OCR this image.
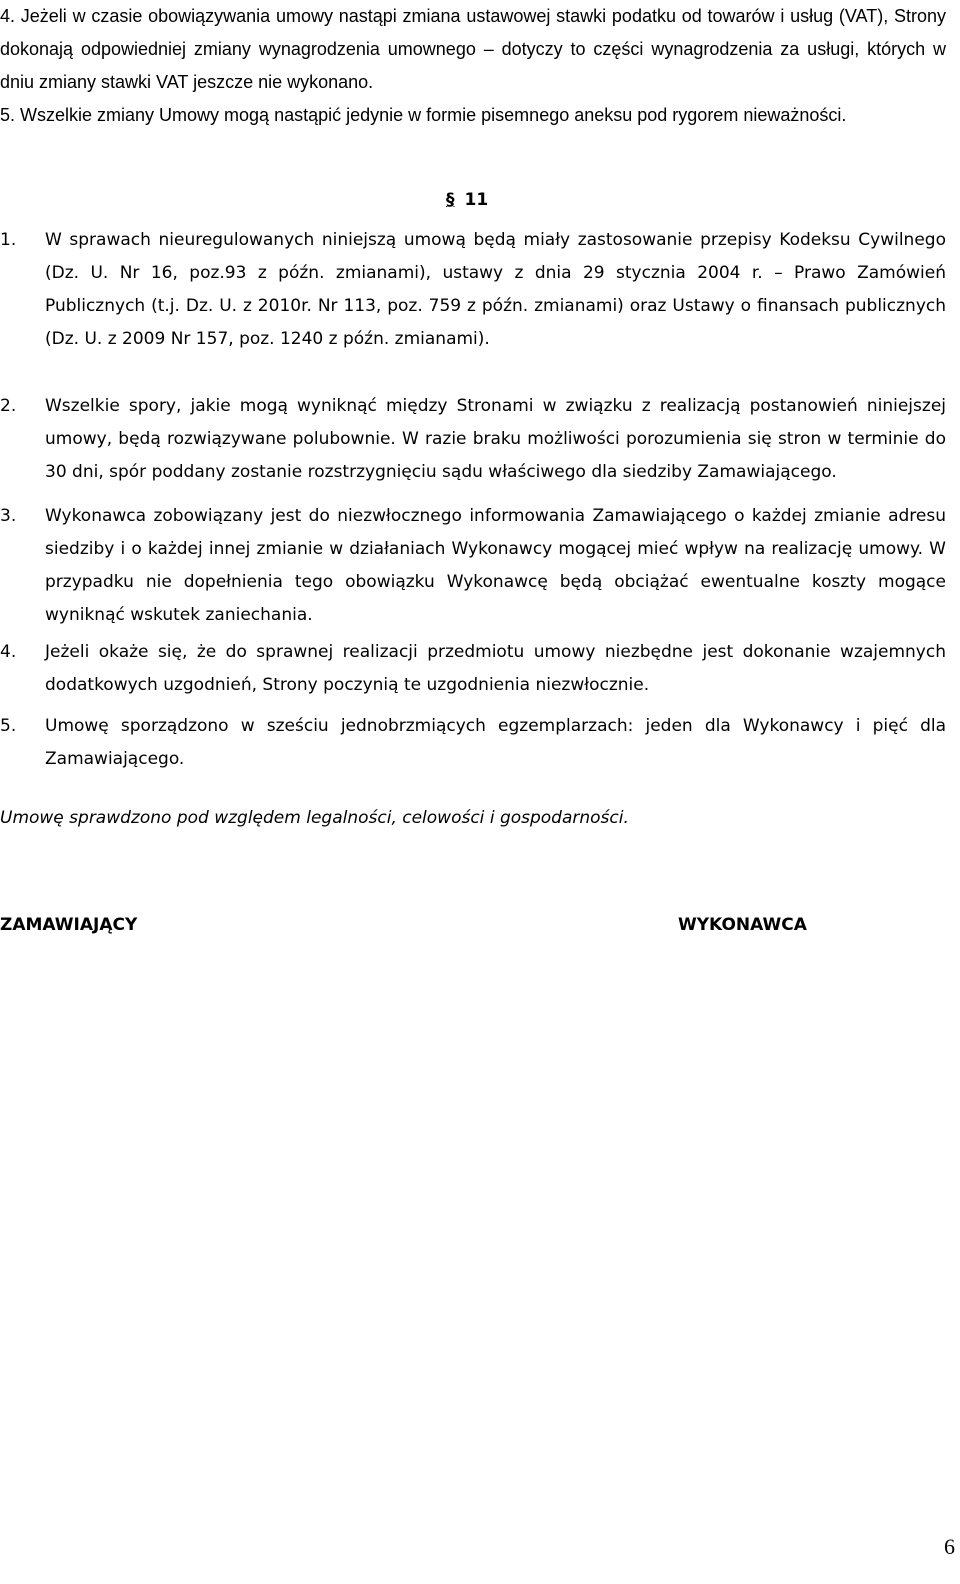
4. Jeżeli w czasie obowiązywania umowy nastąpi zmiana ustawowej stawki podatku od towarów i usług (VAT), Strony dokonają odpowiedniej zmiany wynagrodzenia umownego – dotyczy to części wynagrodzenia za usługi, których w dniu zmiany stawki VAT jeszcze nie wykonano.
5. Wszelkie zmiany Umowy mogą nastąpić jedynie w formie pisemnego aneksu pod rygorem nieważności.
§ 11
1. W sprawach nieuregulowanych niniejszą umową będą miały zastosowanie przepisy Kodeksu Cywilnego (Dz. U. Nr 16, poz.93 z późn. zmianami), ustawy z dnia 29 stycznia 2004 r. – Prawo Zamówień Publicznych (t.j. Dz. U. z 2010r. Nr 113, poz. 759 z późn. zmianami) oraz Ustawy o finansach publicznych (Dz. U. z 2009 Nr 157, poz. 1240 z późn. zmianami).
2. Wszelkie spory, jakie mogą wyniknąć między Stronami w związku z realizacją postanowień niniejszej umowy, będą rozwiązywane polubownie. W razie braku możliwości porozumienia się stron w terminie do 30 dni, spór poddany zostanie rozstrzygnięciu sądu właściwego dla siedziby Zamawiającego.
3. Wykonawca zobowiązany jest do niezwłocznego informowania Zamawiającego o każdej zmianie adresu siedziby i o każdej innej zmianie w działaniach Wykonawcy mogącej mieć wpływ na realizację umowy. W przypadku nie dopełnienia tego obowiązku Wykonawcę będą obciążać ewentualne koszty mogące wyniknąć wskutek zaniechania.
4. Jeżeli okaże się, że do sprawnej realizacji przedmiotu umowy niezbędne jest dokonanie wzajemnych dodatkowych uzgodnień, Strony poczynią te uzgodnienia niezwłocznie.
5. Umowę sporządzono w sześciu jednobrzmiących egzemplarzach: jeden dla Wykonawcy i pięć dla Zamawiającego.
Umowę sprawdzono pod względem legalności, celowości i gospodarności.
ZAMAWIAJĄCY	WYKONAWCA
6
